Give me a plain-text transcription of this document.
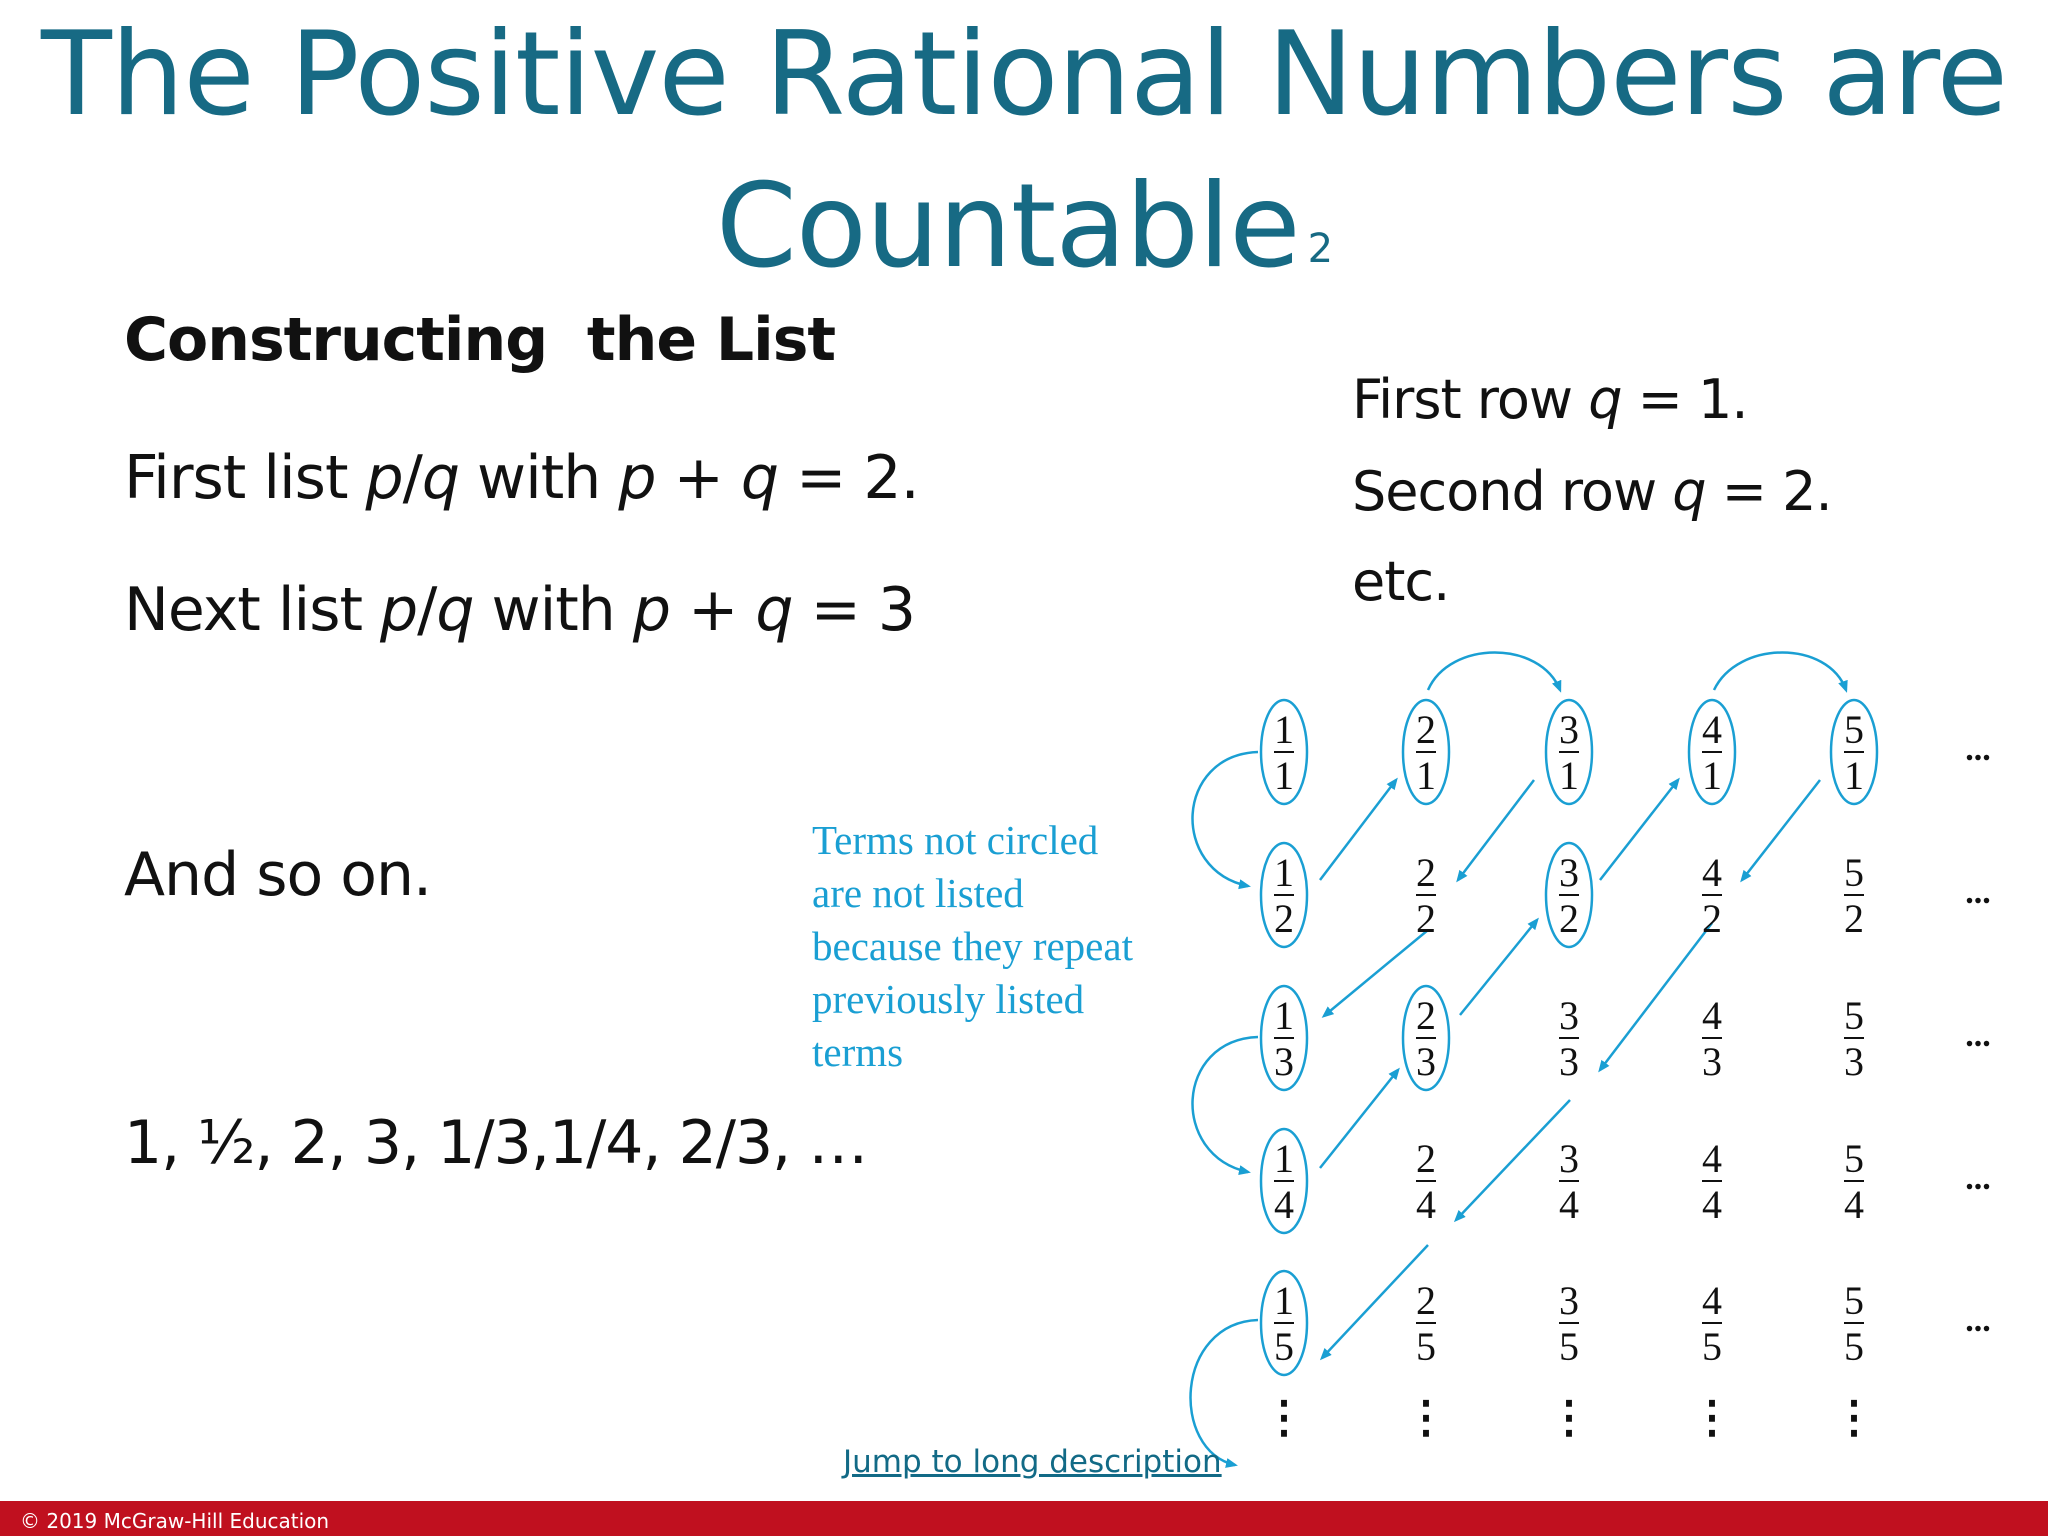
The Positive Rational Numbers are
Countable $_2$
Constructing  the List
First list p/q with p + q = 2.
Next list p/q with p + q = 3
And so on.
1, ½, 2, 3, 1/3,1/4, 2/3, …
First row q = 1.
Second row q = 2.
etc.
Terms not circled are not listed because they repeat previously listed terms
1
1
2
1
3
1
4
1
5
1
...
1
2
2
2
3
2
4
2
5
2
...
1
3
2
3
3
3
4
3
5
3
...
1
4
2
4
3
4
4
4
5
4
...
1
5
2
5
3
5
4
5
5
5
...
⋮ ⋮ ⋮ ⋮ ⋮
Jump to long description
© 2019 McGraw-Hill Education
